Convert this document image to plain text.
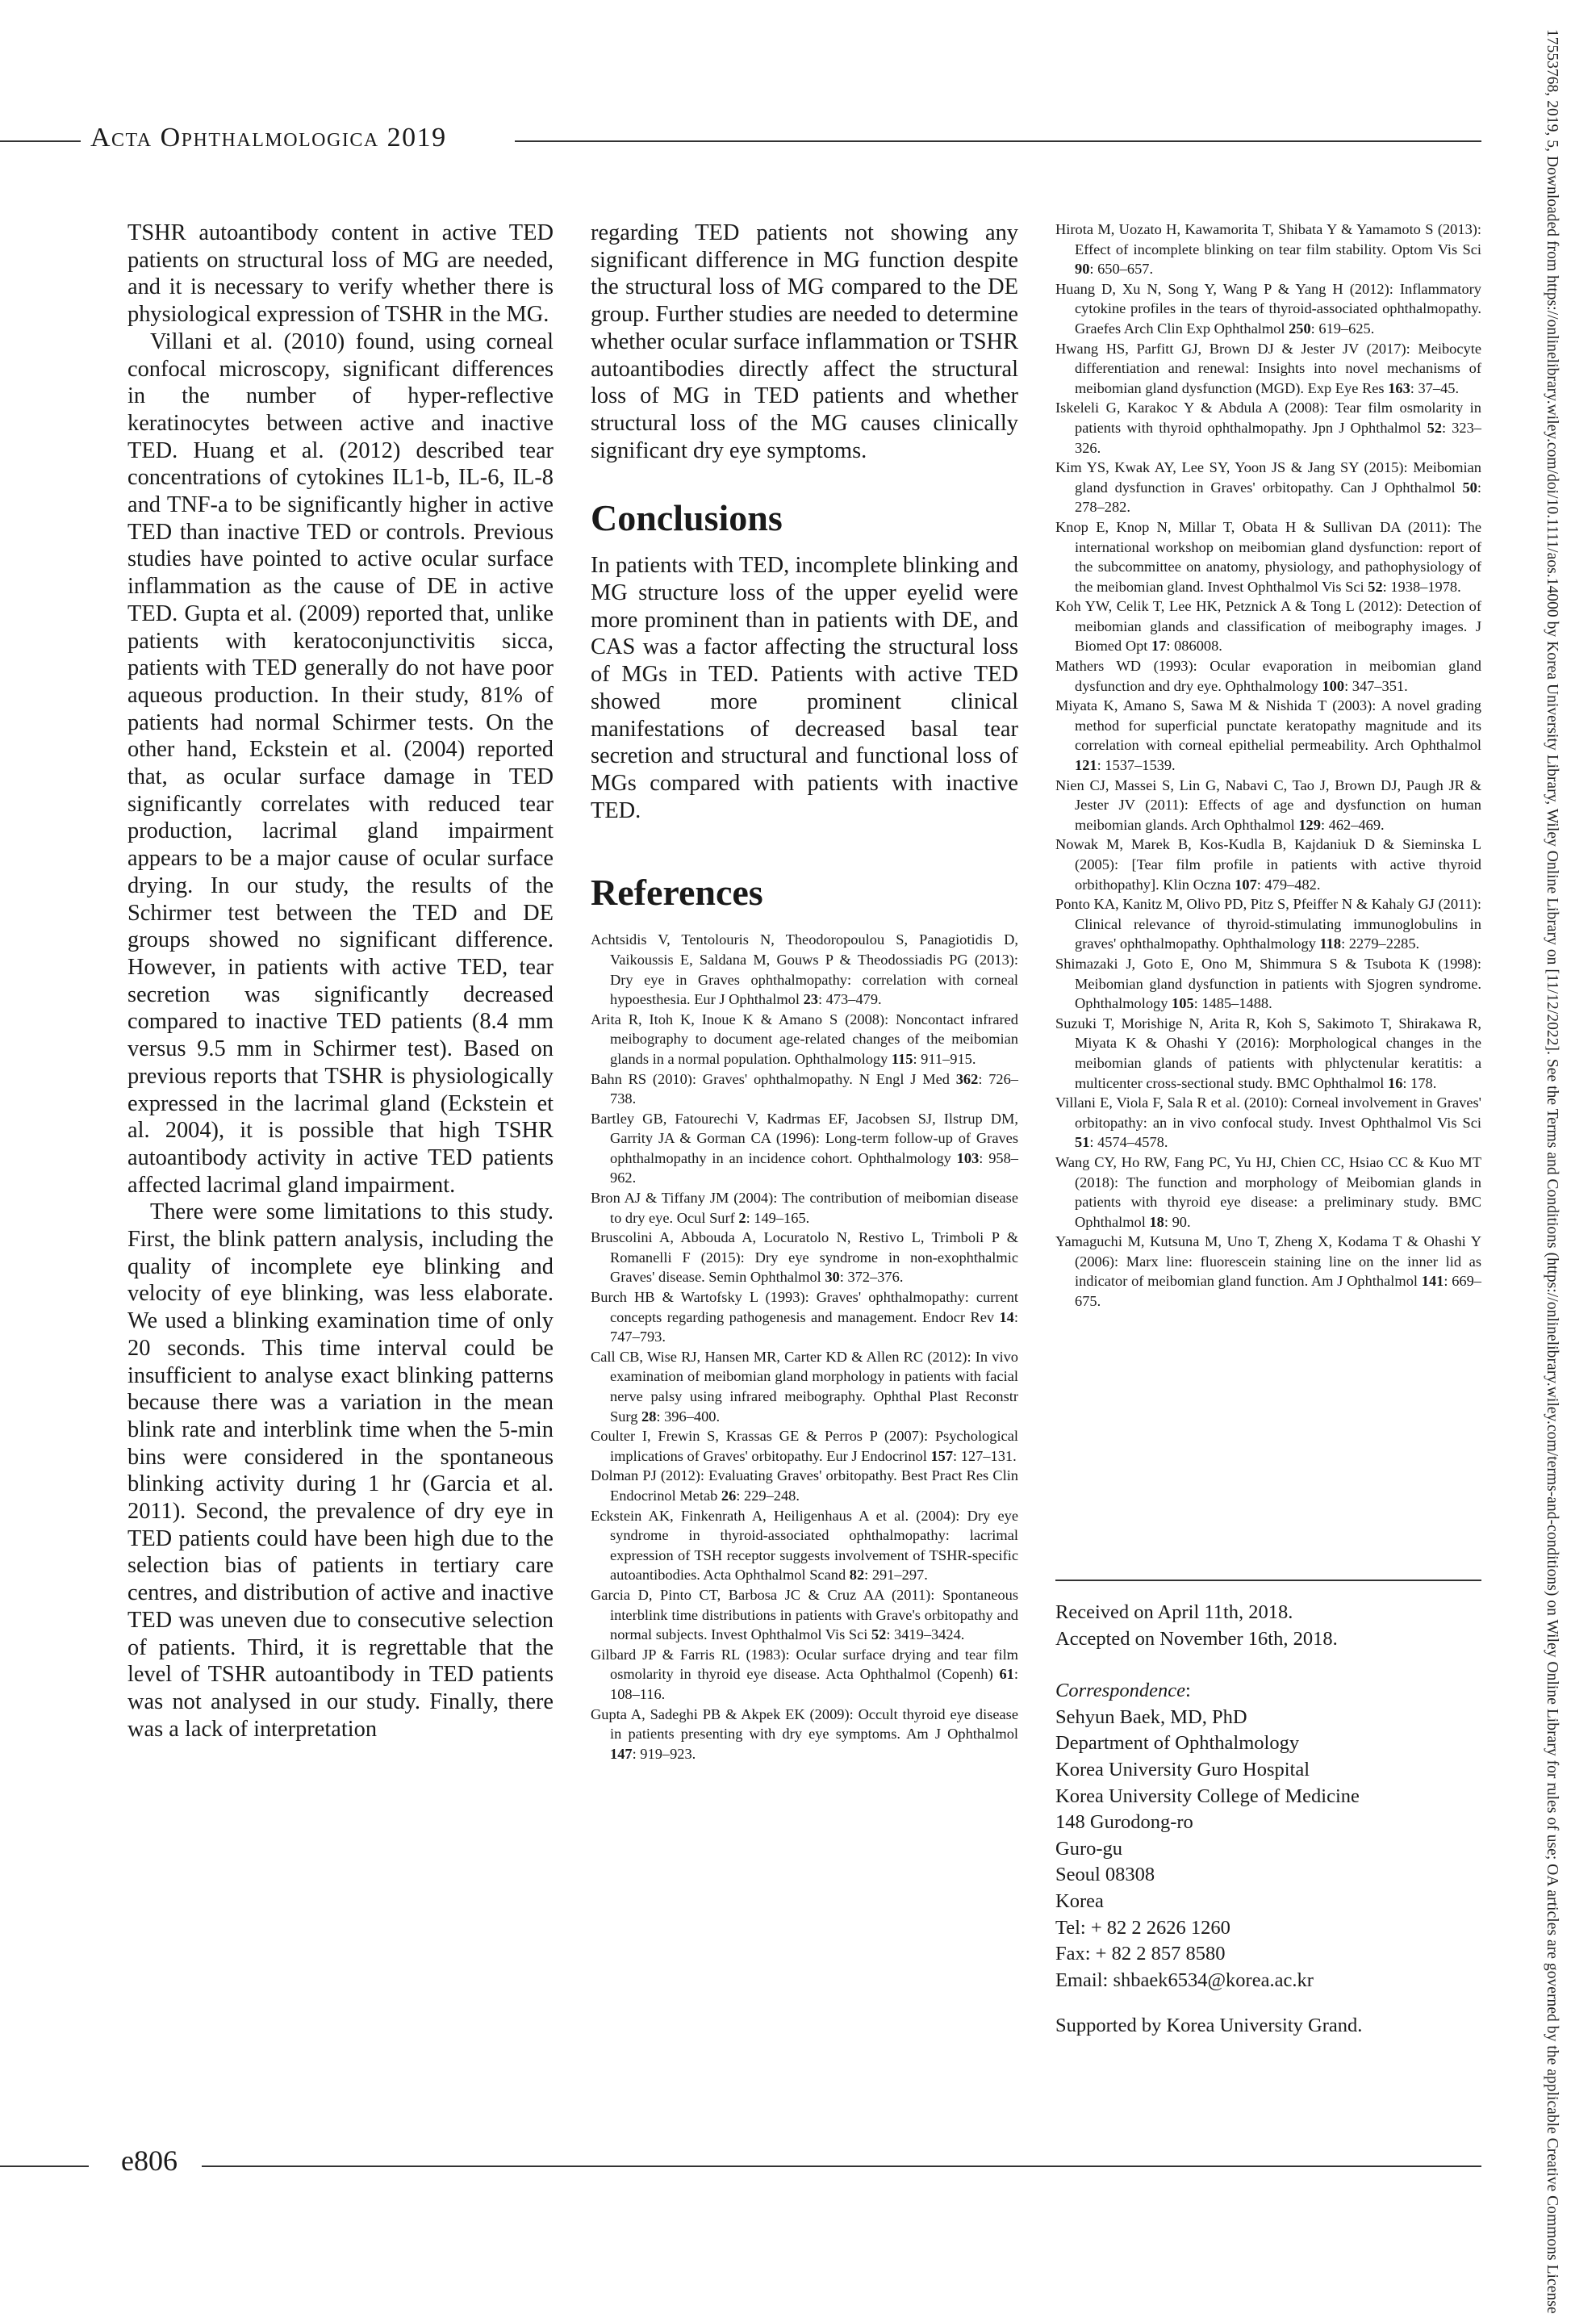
Acta Ophthalmologica 2019

TSHR autoantibody content in active TED patients on structural loss of MG are needed, and it is necessary to verify whether there is physiological expression of TSHR in the MG.

Villani et al. (2010) found, using corneal confocal microscopy, significant differences in the number of hyper-reflective keratinocytes between active and inactive TED. Huang et al. (2012) described tear concentrations of cytokines IL1-b, IL-6, IL-8 and TNF-a to be significantly higher in active TED than inactive TED or controls. Previous studies have pointed to active ocular surface inflammation as the cause of DE in active TED. Gupta et al. (2009) reported that, unlike patients with keratoconjunctivitis sicca, patients with TED generally do not have poor aqueous production. In their study, 81% of patients had normal Schirmer tests. On the other hand, Eckstein et al. (2004) reported that, as ocular surface damage in TED significantly correlates with reduced tear production, lacrimal gland impairment appears to be a major cause of ocular surface drying. In our study, the results of the Schirmer test between the TED and DE groups showed no significant difference. However, in patients with active TED, tear secretion was significantly decreased compared to inactive TED patients (8.4 mm versus 9.5 mm in Schirmer test). Based on previous reports that TSHR is physiologically expressed in the lacrimal gland (Eckstein et al. 2004), it is possible that high TSHR autoantibody activity in active TED patients affected lacrimal gland impairment.

There were some limitations to this study. First, the blink pattern analysis, including the quality of incomplete eye blinking and velocity of eye blinking, was less elaborate. We used a blinking examination time of only 20 seconds. This time interval could be insufficient to analyse exact blinking patterns because there was a variation in the mean blink rate and interblink time when the 5-min bins were considered in the spontaneous blinking activity during 1 hr (Garcia et al. 2011). Second, the prevalence of dry eye in TED patients could have been high due to the selection bias of patients in tertiary care centres, and distribution of active and inactive TED was uneven due to consecutive selection of patients. Third, it is regrettable that the level of TSHR autoantibody in TED patients was not analysed in our study. Finally, there was a lack of interpretation

regarding TED patients not showing any significant difference in MG function despite the structural loss of MG compared to the DE group. Further studies are needed to determine whether ocular surface inflammation or TSHR autoantibodies directly affect the structural loss of MG in TED patients and whether structural loss of the MG causes clinically significant dry eye symptoms.

Conclusions

In patients with TED, incomplete blinking and MG structure loss of the upper eyelid were more prominent than in patients with DE, and CAS was a factor affecting the structural loss of MGs in TED. Patients with active TED showed more prominent clinical manifestations of decreased basal tear secretion and structural and functional loss of MGs compared with patients with inactive TED.

References
Achtsidis V, Tentolouris N, Theodoropoulou S, Panagiotidis D, Vaikoussis E, Saldana M, Gouws P & Theodossiadis PG (2013): Dry eye in Graves ophthalmopathy: correlation with corneal hypoesthesia. Eur J Ophthalmol 23: 473–479.
Arita R, Itoh K, Inoue K & Amano S (2008): Noncontact infrared meibography to document age-related changes of the meibomian glands in a normal population. Ophthalmology 115: 911–915.
Bahn RS (2010): Graves' ophthalmopathy. N Engl J Med 362: 726–738.
Bartley GB, Fatourechi V, Kadrmas EF, Jacobsen SJ, Ilstrup DM, Garrity JA & Gorman CA (1996): Long-term follow-up of Graves ophthalmopathy in an incidence cohort. Ophthalmology 103: 958–962.
Bron AJ & Tiffany JM (2004): The contribution of meibomian disease to dry eye. Ocul Surf 2: 149–165.
Bruscolini A, Abbouda A, Locuratolo N, Restivo L, Trimboli P & Romanelli F (2015): Dry eye syndrome in non-exophthalmic Graves' disease. Semin Ophthalmol 30: 372–376.
Burch HB & Wartofsky L (1993): Graves' ophthalmopathy: current concepts regarding pathogenesis and management. Endocr Rev 14: 747–793.
Call CB, Wise RJ, Hansen MR, Carter KD & Allen RC (2012): In vivo examination of meibomian gland morphology in patients with facial nerve palsy using infrared meibography. Ophthal Plast Reconstr Surg 28: 396–400.
Coulter I, Frewin S, Krassas GE & Perros P (2007): Psychological implications of Graves' orbitopathy. Eur J Endocrinol 157: 127–131.
Dolman PJ (2012): Evaluating Graves' orbitopathy. Best Pract Res Clin Endocrinol Metab 26: 229–248.
Eckstein AK, Finkenrath A, Heiligenhaus A et al. (2004): Dry eye syndrome in thyroid-associated ophthalmopathy: lacrimal expression of TSH receptor suggests involvement of TSHR-specific autoantibodies. Acta Ophthalmol Scand 82: 291–297.
Garcia D, Pinto CT, Barbosa JC & Cruz AA (2011): Spontaneous interblink time distributions in patients with Grave's orbitopathy and normal subjects. Invest Ophthalmol Vis Sci 52: 3419–3424.
Gilbard JP & Farris RL (1983): Ocular surface drying and tear film osmolarity in thyroid eye disease. Acta Ophthalmol (Copenh) 61: 108–116.
Gupta A, Sadeghi PB & Akpek EK (2009): Occult thyroid eye disease in patients presenting with dry eye symptoms. Am J Ophthalmol 147: 919–923.
Hirota M, Uozato H, Kawamorita T, Shibata Y & Yamamoto S (2013): Effect of incomplete blinking on tear film stability. Optom Vis Sci 90: 650–657.
Huang D, Xu N, Song Y, Wang P & Yang H (2012): Inflammatory cytokine profiles in the tears of thyroid-associated ophthalmopathy. Graefes Arch Clin Exp Ophthalmol 250: 619–625.
Hwang HS, Parfitt GJ, Brown DJ & Jester JV (2017): Meibocyte differentiation and renewal: Insights into novel mechanisms of meibomian gland dysfunction (MGD). Exp Eye Res 163: 37–45.
Iskeleli G, Karakoc Y & Abdula A (2008): Tear film osmolarity in patients with thyroid ophthalmopathy. Jpn J Ophthalmol 52: 323–326.
Kim YS, Kwak AY, Lee SY, Yoon JS & Jang SY (2015): Meibomian gland dysfunction in Graves' orbitopathy. Can J Ophthalmol 50: 278–282.
Knop E, Knop N, Millar T, Obata H & Sullivan DA (2011): The international workshop on meibomian gland dysfunction: report of the subcommittee on anatomy, physiology, and pathophysiology of the meibomian gland. Invest Ophthalmol Vis Sci 52: 1938–1978.
Koh YW, Celik T, Lee HK, Petznick A & Tong L (2012): Detection of meibomian glands and classification of meibography images. J Biomed Opt 17: 086008.
Mathers WD (1993): Ocular evaporation in meibomian gland dysfunction and dry eye. Ophthalmology 100: 347–351.
Miyata K, Amano S, Sawa M & Nishida T (2003): A novel grading method for superficial punctate keratopathy magnitude and its correlation with corneal epithelial permeability. Arch Ophthalmol 121: 1537–1539.
Nien CJ, Massei S, Lin G, Nabavi C, Tao J, Brown DJ, Paugh JR & Jester JV (2011): Effects of age and dysfunction on human meibomian glands. Arch Ophthalmol 129: 462–469.
Nowak M, Marek B, Kos-Kudla B, Kajdaniuk D & Sieminska L (2005): [Tear film profile in patients with active thyroid orbithopathy]. Klin Oczna 107: 479–482.
Ponto KA, Kanitz M, Olivo PD, Pitz S, Pfeiffer N & Kahaly GJ (2011): Clinical relevance of thyroid-stimulating immunoglobulins in graves' ophthalmopathy. Ophthalmology 118: 2279–2285.
Shimazaki J, Goto E, Ono M, Shimmura S & Tsubota K (1998): Meibomian gland dysfunction in patients with Sjogren syndrome. Ophthalmology 105: 1485–1488.
Suzuki T, Morishige N, Arita R, Koh S, Sakimoto T, Shirakawa R, Miyata K & Ohashi Y (2016): Morphological changes in the meibomian glands of patients with phlyctenular keratitis: a multicenter cross-sectional study. BMC Ophthalmol 16: 178.
Villani E, Viola F, Sala R et al. (2010): Corneal involvement in Graves' orbitopathy: an in vivo confocal study. Invest Ophthalmol Vis Sci 51: 4574–4578.
Wang CY, Ho RW, Fang PC, Yu HJ, Chien CC, Hsiao CC & Kuo MT (2018): The function and morphology of Meibomian glands in patients with thyroid eye disease: a preliminary study. BMC Ophthalmol 18: 90.
Yamaguchi M, Kutsuna M, Uno T, Zheng X, Kodama T & Ohashi Y (2006): Marx line: fluorescein staining line on the inner lid as indicator of meibomian gland function. Am J Ophthalmol 141: 669–675.
Received on April 11th, 2018.
Accepted on November 16th, 2018.
Correspondence:
Sehyun Baek, MD, PhD
Department of Ophthalmology
Korea University Guro Hospital
Korea University College of Medicine
148 Gurodong-ro
Guro-gu
Seoul 08308
Korea
Tel: + 82 2 2626 1260
Fax: + 82 2 857 8580
Email: shbaek6534@korea.ac.kr
Supported by Korea University Grand.
e806	17553768, 2019, 5, Downloaded from https://onlinelibrary.wiley.com/doi/10.1111/aos.14000 by Korea University Library, Wiley Online Library on [11/12/2022]. See the Terms and Conditions (https://onlinelibrary.wiley.com/terms-and-conditions) on Wiley Online Library for rules of use; OA articles are governed by the applicable Creative Commons License
